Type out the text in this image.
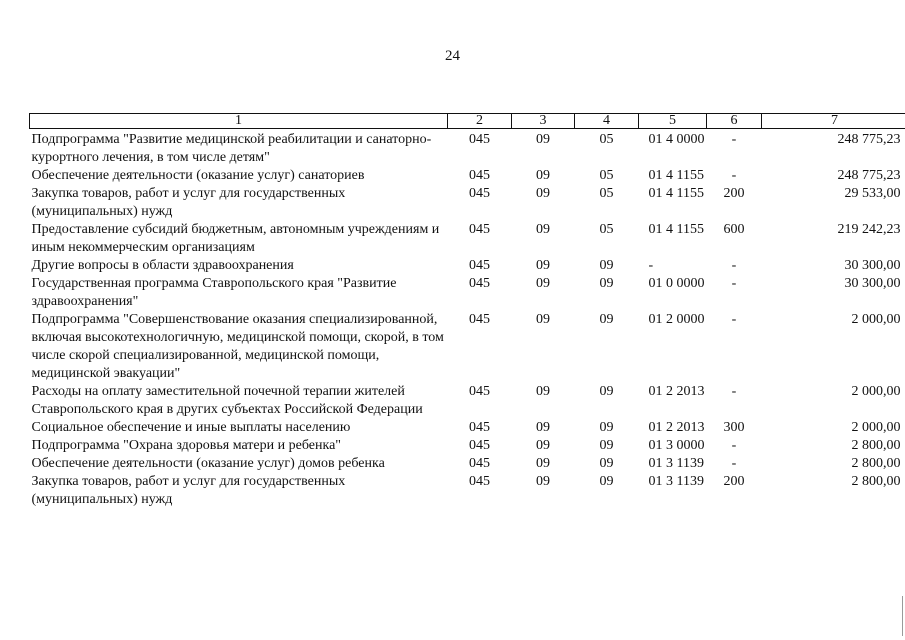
24
1	2	3	4	5	6	7
Подпрограмма "Развитие медицинской реабилитации и санаторно-курортного лечения, в том числе детям"	045	09	05	01 4 0000	-	248 775,23
Обеспечение деятельности (оказание услуг) санаториев	045	09	05	01 4 1155	-	248 775,23
Закупка товаров, работ и услуг для государственных (муниципальных) нужд	045	09	05	01 4 1155	200	29 533,00
Предоставление субсидий бюджетным, автономным учреждениям и иным некоммерческим организациям	045	09	05	01 4 1155	600	219 242,23
Другие вопросы в области здравоохранения	045	09	09	-	-	30 300,00
Государственная программа Ставропольского края "Развитие здравоохранения"	045	09	09	01 0 0000	-	30 300,00
Подпрограмма "Совершенствование оказания специализированной, включая высокотехнологичную, медицинской помощи, скорой, в том числе скорой специализированной, медицинской помощи, медицинской эвакуации"	045	09	09	01 2 0000	-	2 000,00
Расходы на оплату заместительной почечной терапии жителей Ставропольского края в других субъектах Российской Федерации	045	09	09	01 2 2013	-	2 000,00
Социальное обеспечение и иные выплаты населению	045	09	09	01 2 2013	300	2 000,00
Подпрограмма "Охрана здоровья матери и ребенка"	045	09	09	01 3 0000	-	2 800,00
Обеспечение деятельности (оказание услуг) домов ребенка	045	09	09	01 3 1139	-	2 800,00
Закупка товаров, работ и услуг для государственных (муниципальных) нужд	045	09	09	01 3 1139	200	2 800,00
